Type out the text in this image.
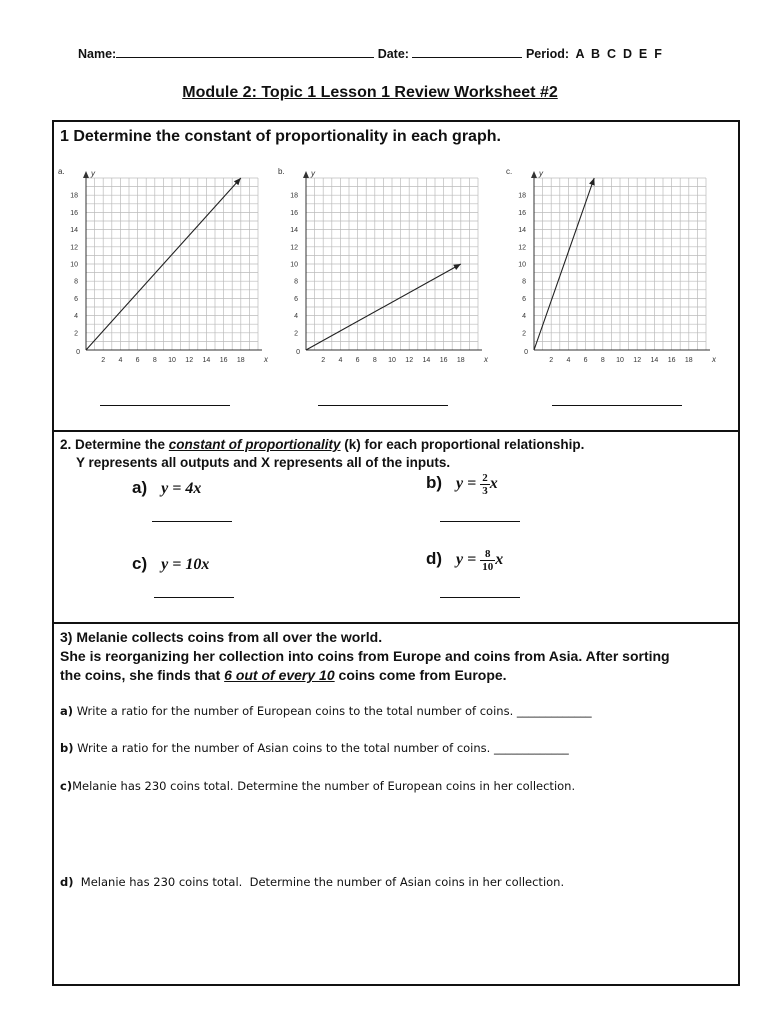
Name:	Date:	Period: A  B  C  D  E  F
Module 2: Topic 1 Lesson 1 Review Worksheet #2
1 Determine the constant of proportionality in each graph.
2 4 6 8 10 12 14 16 18
2
4
6
8
10
12
14
16
18
0
x
y
a.
2 4 6 8 10 12 14 16 18
2
4
6
8
10
12
14
16
18
0
x
y
b.
2 4 6 8 10 12 14 16 18
2
4
6
8
10
12
14
16
18
0
x
y
c.
2. Determine the constant of proportionality (k) for each proportional relationship.
Y represents all outputs and X represents all of the inputs.
a) y = 4x	b) $y = \frac{2}{3}$ x
c) y = 10x	d) $y = \frac{8}{10}$ x
3) Melanie collects coins from all over the world.
She is reorganizing her collection into coins from Europe and coins from Asia. After sorting
the coins, she finds that 6 out of every 10 coins come from Europe.
a) Write a ratio for the number of European coins to the total number of coins. _____________
b) Write a ratio for the number of Asian coins to the total number of coins. _____________
c)Melanie has 230 coins total. Determine the number of European coins in her collection.
d)  Melanie has 230 coins total.  Determine the number of Asian coins in her collection.
